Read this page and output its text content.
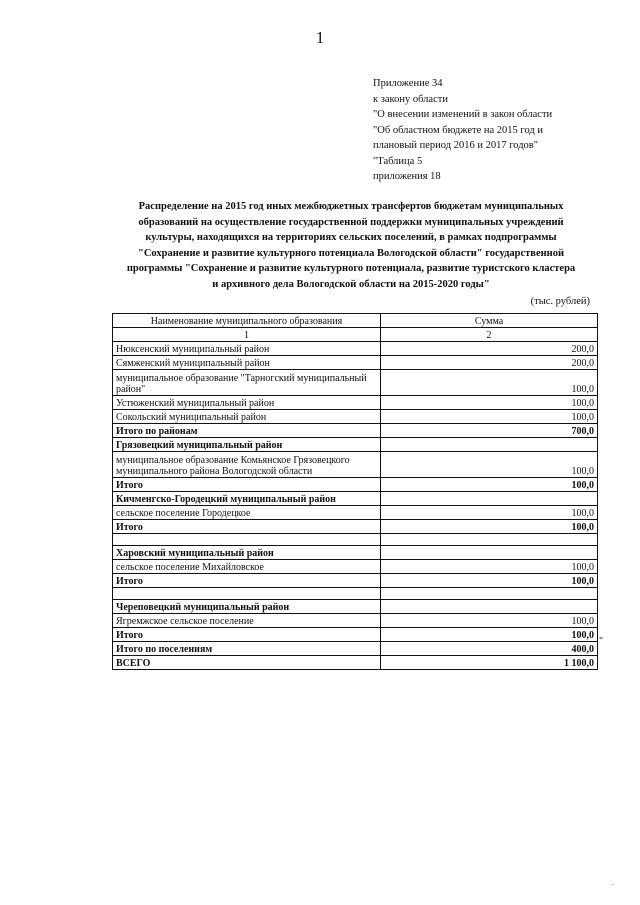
1
Приложение 34
к закону области
"О внесении изменений в закон области
"Об областном бюджете на 2015 год и
плановый период 2016 и 2017 годов"
"Таблица 5
приложения 18
Распределение на 2015 год иных межбюджетных трансфертов бюджетам муниципальных
образований на осуществление государственной поддержки муниципальных учреждений
культуры, находящихся на территориях сельских поселений, в рамках подпрограммы
"Сохранение и развитие культурного потенциала Вологодской области" государственной
программы "Сохранение и развитие культурного потенциала, развитие туристского кластера
и архивного дела Вологодской области на 2015-2020 годы"
(тыс. рублей)
Наименование муниципального образования	Сумма
1	2
Нюксенский муниципальный район	200,0
Сямженский муниципальный район	200,0
муниципальное образование "Тарногский муниципальный район"	100,0
Устюженский муниципальный район	100,0
Сокольский муниципальный район	100,0
Итого по районам	700,0
Грязовецкий муниципальный район	
муниципальное образование Комьянское Грязовецкого муниципального района Вологодской области	100,0
Итого	100,0
Кичменгско-Городецкий муниципальный район	
сельское поселение Городецкое	100,0
Итого	100,0

Харовский муниципальный район	
сельское поселение Михайловское	100,0
Итого	100,0

Череповецкий муниципальный район	
Ягремжское сельское поселение	100,0
Итого	100,0
Итого по поселениям	400,0
ВСЕГО	1 100,0
"
-
